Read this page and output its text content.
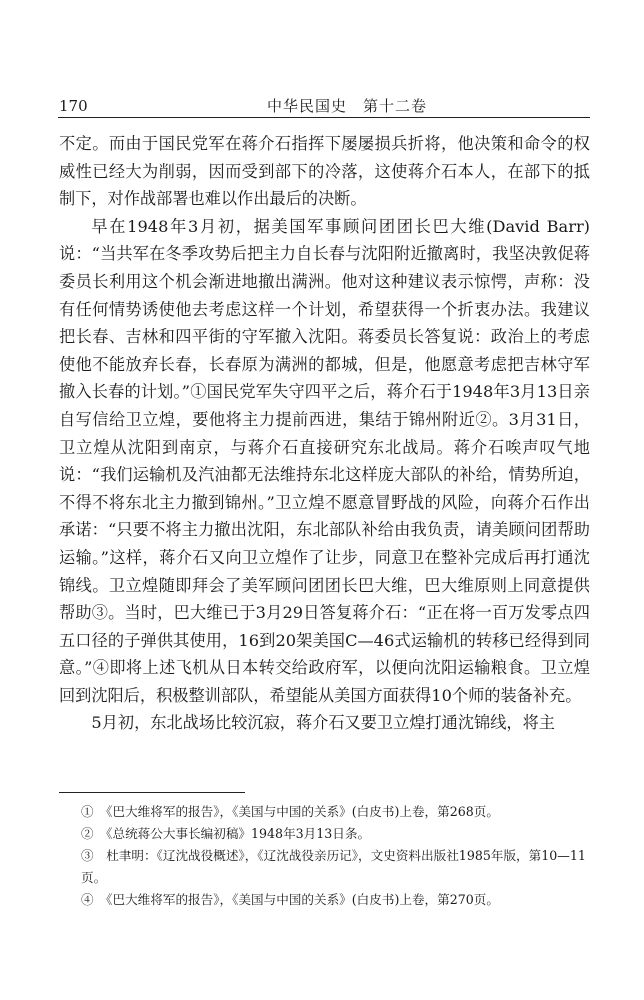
170	中华民国史　第十二卷

不定。而由于国民党军在蒋介石指挥下屡屡损兵折将，他决策和命令的权威性已经大为削弱，因而受到部下的冷落，这使蒋介石本人，在部下的抵制下，对作战部署也难以作出最后的决断。

早在1948年3月初，据美国军事顾问团团长巴大维(David Barr)说：“当共军在冬季攻势后把主力自长春与沈阳附近撤离时，我坚决敦促蒋委员长利用这个机会渐进地撤出满洲。他对这种建议表示惊愕，声称：没有任何情势诱使他去考虑这样一个计划，希望获得一个折衷办法。我建议把长春、吉林和四平街的守军撤入沈阳。蒋委员长答复说：政治上的考虑使他不能放弃长春，长春原为满洲的都城，但是，他愿意考虑把吉林守军撤入长春的计划。”①国民党军失守四平之后，蒋介石于1948年3月13日亲自写信给卫立煌，要他将主力提前西进，集结于锦州附近②。3月31日，卫立煌从沈阳到南京，与蒋介石直接研究东北战局。蒋介石唉声叹气地说：“我们运输机及汽油都无法维持东北这样庞大部队的补给，情势所迫，不得不将东北主力撤到锦州。”卫立煌不愿意冒野战的风险，向蒋介石作出承诺：“只要不将主力撤出沈阳，东北部队补给由我负责，请美顾问团帮助运输。”这样，蒋介石又向卫立煌作了让步，同意卫在整补完成后再打通沈锦线。卫立煌随即拜会了美军顾问团团长巴大维，巴大维原则上同意提供帮助③。当时，巴大维已于3月29日答复蒋介石：“正在将一百万发零点四五口径的子弹供其使用，16到20架美国C—46式运输机的转移已经得到同意。”④即将上述飞机从日本转交给政府军，以便向沈阳运输粮食。卫立煌回到沈阳后，积极整训部队，希望能从美国方面获得10个师的装备补充。

5月初，东北战场比较沉寂，蒋介石又要卫立煌打通沈锦线，将主

①　《巴大维将军的报告》，《美国与中国的关系》(白皮书)上卷，第268页。

②　《总统蒋公大事长编初稿》1948年3月13日条。

③　杜聿明：《辽沈战役概述》，《辽沈战役亲历记》，文史资料出版社1985年版，第10—11页。

④　《巴大维将军的报告》，《美国与中国的关系》(白皮书)上卷，第270页。
